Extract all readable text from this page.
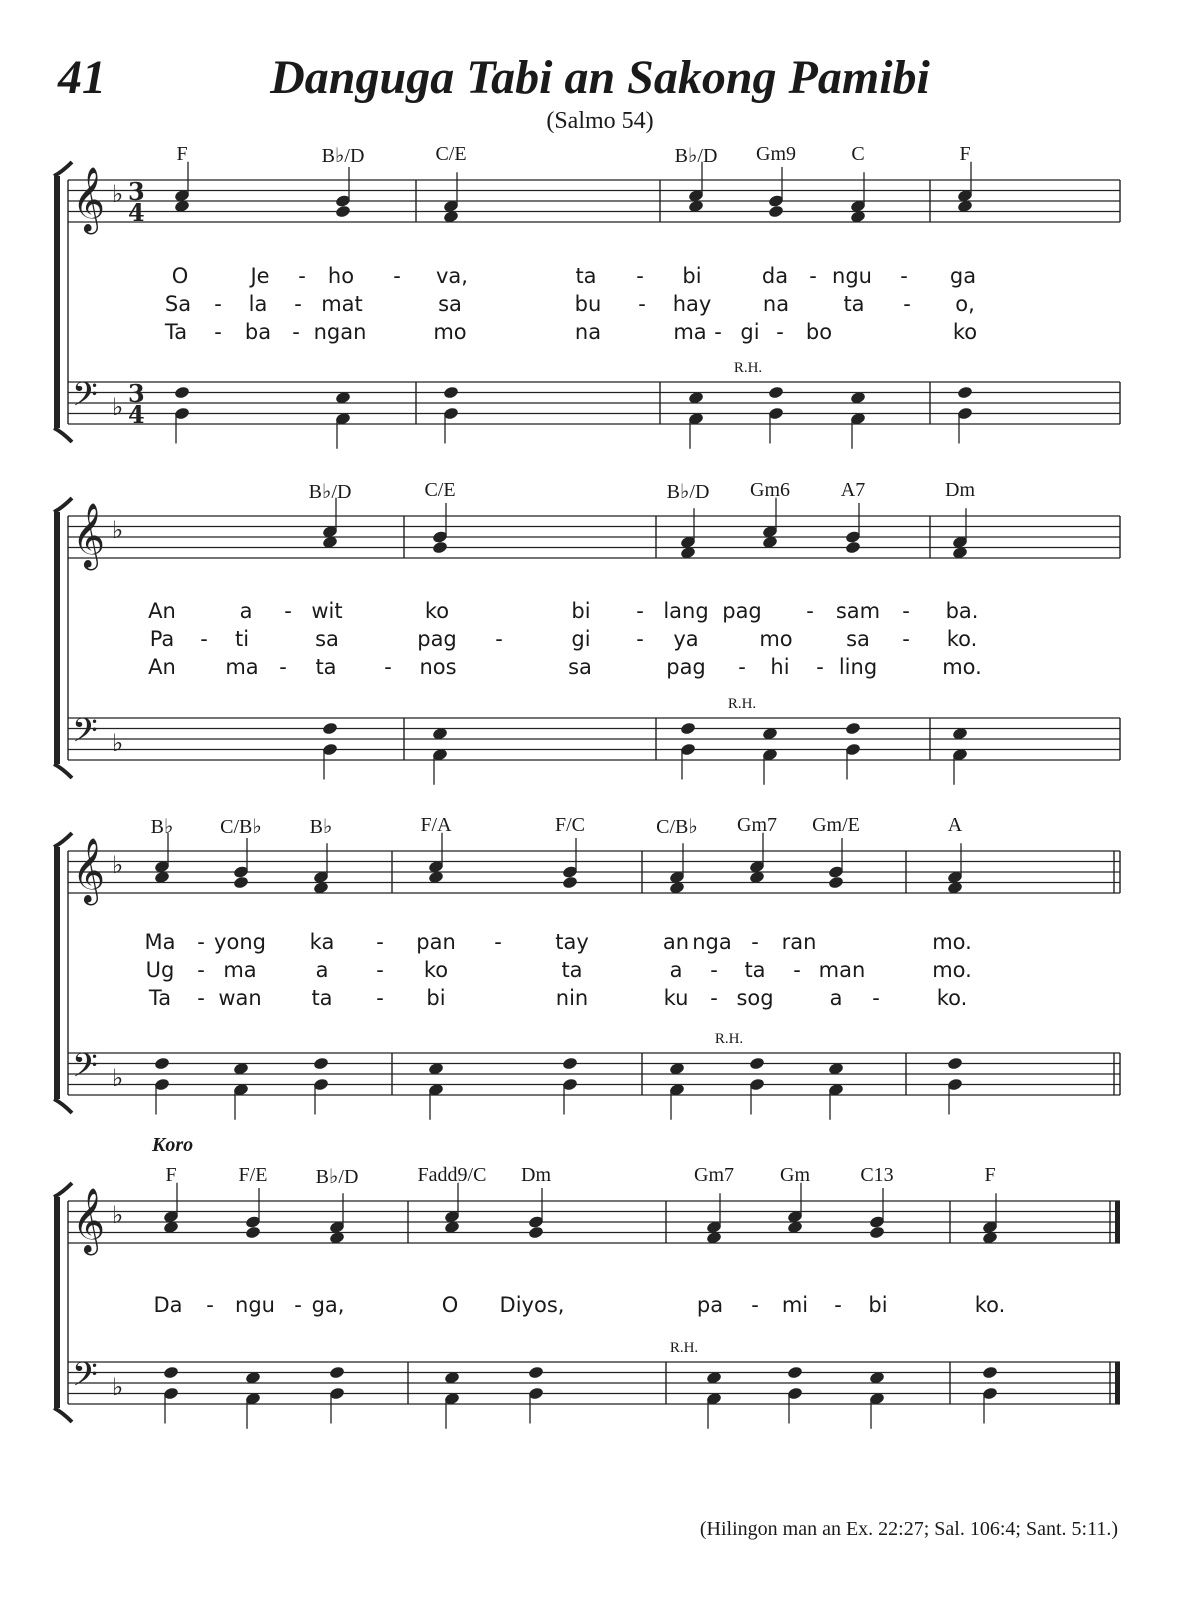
41	Danguga Tabi an Sakong Pamibi
(Salmo 54)
𝄞 ♭ 3
4
𝄢 ♭ 3
4
𝄞 ♭
𝄢 ♭
𝄞 ♭
𝄢 ♭
𝄞 ♭
𝄢 ♭
F	B♭/D	C/E	B♭/D Gm9	C	F
O	Je - ho - va,	ta - bi	da - ngu - ga
Sa - la - mat	sa	bu - hay na	ta - o,
Ta - ba - ngan	mo	na	ma - gi - bo	ko
R.H.
B♭/D	C/E	B♭/D Gm6	A7	Dm
An	a - wit	ko	bi - lang pag - sam - ba.
Pa - ti	sa	pag -	gi - ya	mo	sa - ko.
An ma - ta - nos	sa	pag - hi - ling	mo.
R.H.
B♭ C/B♭ B♭	F/A	F/C	C/B♭ Gm7 Gm/E	A
Ma - yong ka - pan -	tay	an nga - ran	mo.
Ug - ma	a - ko	ta	a - ta - man	mo.
Ta - wan ta - bi	nin	ku - sog	a -	ko.
R.H.
F	F/E B♭/D	Fadd9/C Dm	Gm7 Gm	C13	F
Da - ngu - ga,	O Diyos,	pa - mi - bi	ko.
R.H.
Koro
(Hilingon man an Ex. 22:27; Sal. 106:4; Sant. 5:11.)
